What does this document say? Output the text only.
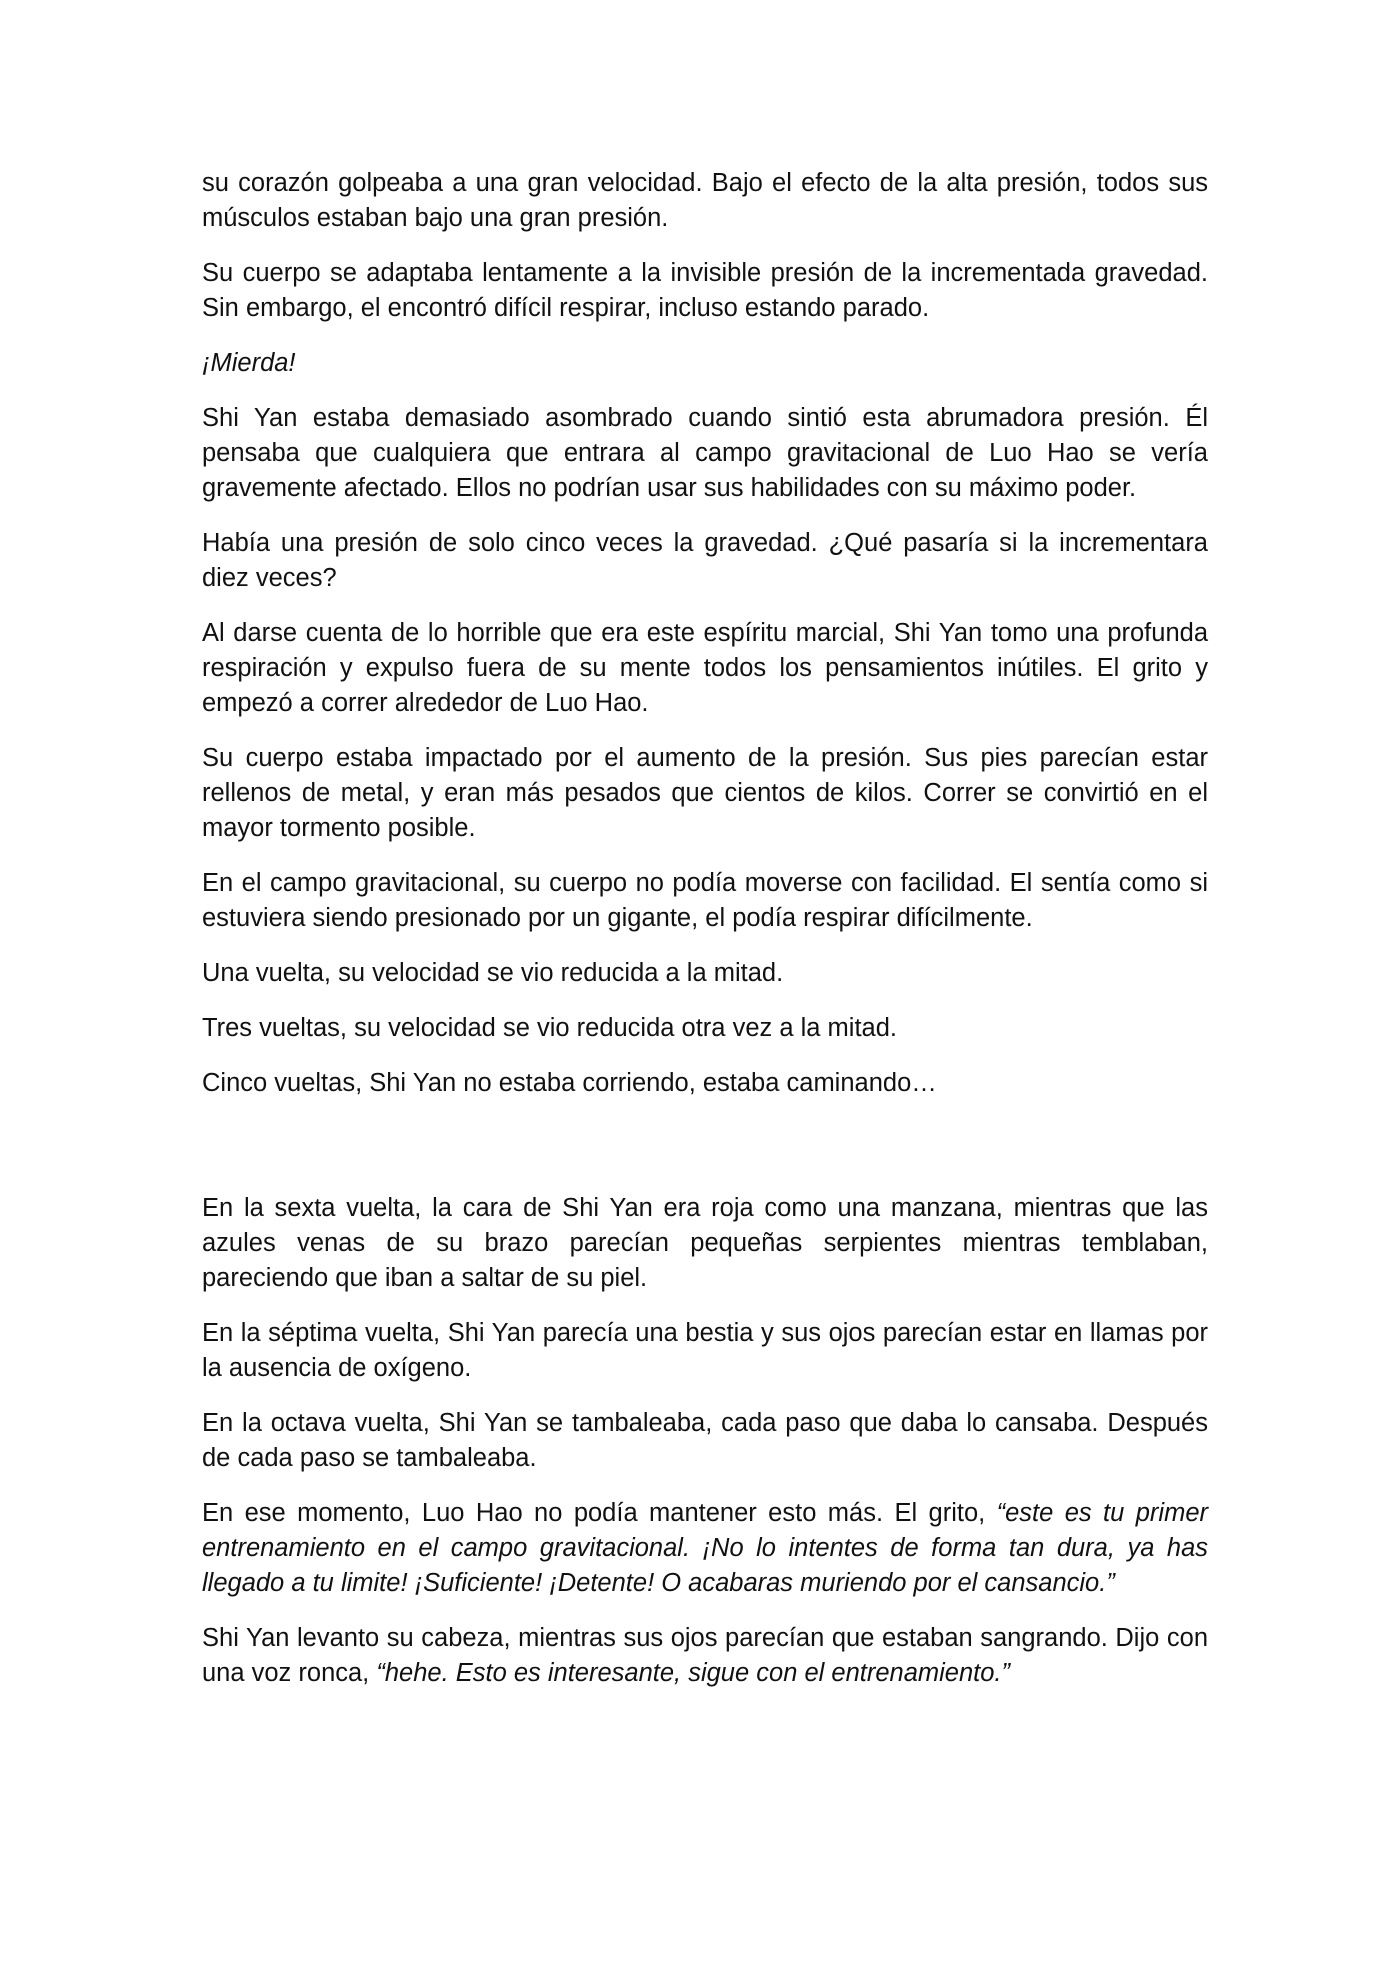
su corazón golpeaba a una gran velocidad. Bajo el efecto de la alta presión, todos sus músculos estaban bajo una gran presión.

Su cuerpo se adaptaba lentamente a la invisible presión de la incrementada gravedad. Sin embargo, el encontró difícil respirar, incluso estando parado.

¡Mierda!

Shi Yan estaba demasiado asombrado cuando sintió esta abrumadora presión. Él pensaba que cualquiera que entrara al campo gravitacional de Luo Hao se vería gravemente afectado. Ellos no podrían usar sus habilidades con su máximo poder.

Había una presión de solo cinco veces la gravedad. ¿Qué pasaría si la incrementara diez veces?

Al darse cuenta de lo horrible que era este espíritu marcial, Shi Yan tomo una profunda respiración y expulso fuera de su mente todos los pensamientos inútiles. El grito y empezó a correr alrededor de Luo Hao.

Su cuerpo estaba impactado por el aumento de la presión. Sus pies parecían estar rellenos de metal, y eran más pesados que cientos de kilos. Correr se convirtió en el mayor tormento posible.

En el campo gravitacional, su cuerpo no podía moverse con facilidad. El sentía como si estuviera siendo presionado por un gigante, el podía respirar difícilmente.

Una vuelta, su velocidad se vio reducida a la mitad.

Tres vueltas, su velocidad se vio reducida otra vez a la mitad.

Cinco vueltas, Shi Yan no estaba corriendo, estaba caminando…

En la sexta vuelta, la cara de Shi Yan era roja como una manzana, mientras que las azules venas de su brazo parecían pequeñas serpientes mientras temblaban, pareciendo que iban a saltar de su piel.

En la séptima vuelta, Shi Yan parecía una bestia y sus ojos parecían estar en llamas por la ausencia de oxígeno.

En la octava vuelta, Shi Yan se tambaleaba, cada paso que daba lo cansaba. Después de cada paso se tambaleaba.

En ese momento, Luo Hao no podía mantener esto más. El grito, “este es tu primer entrenamiento en el campo gravitacional. ¡No lo intentes de forma tan dura, ya has llegado a tu limite! ¡Suficiente! ¡Detente! O acabaras muriendo por el cansancio.”

Shi Yan levanto su cabeza, mientras sus ojos parecían que estaban sangrando. Dijo con una voz ronca, “hehe. Esto es interesante, sigue con el entrenamiento.”
